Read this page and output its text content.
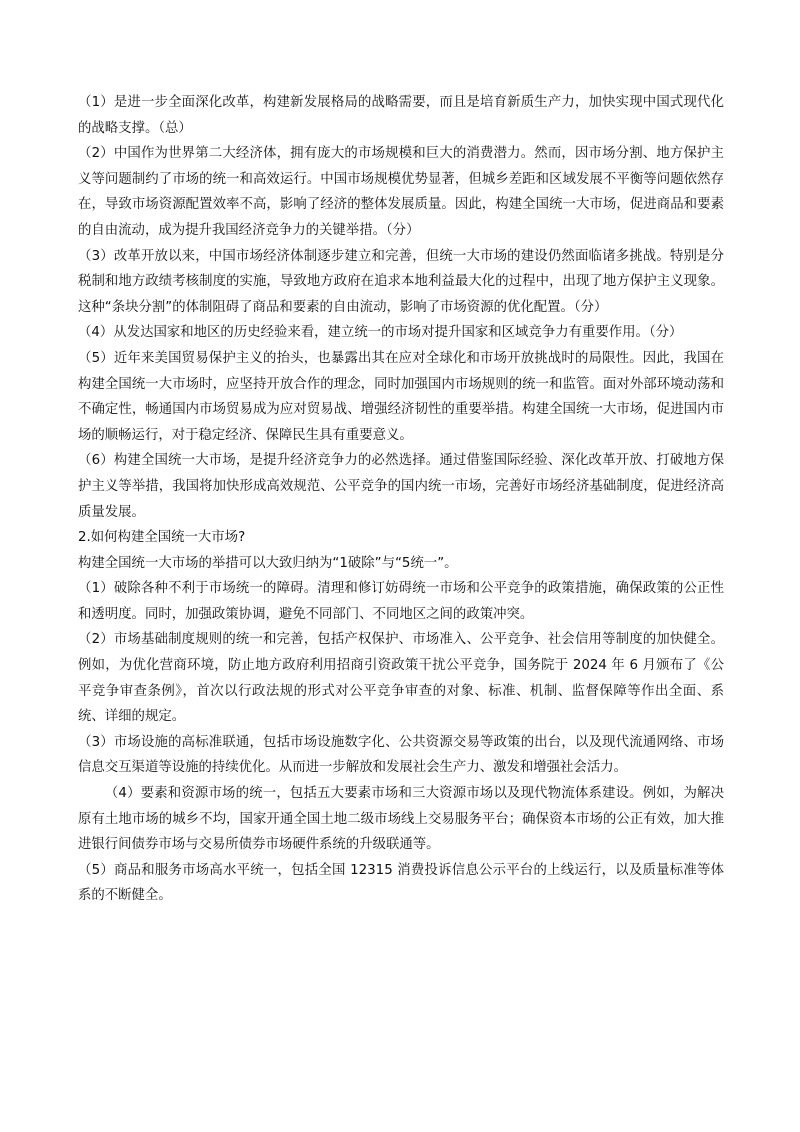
（1）是进一步全面深化改革，构建新发展格局的战略需要，而且是培育新质生产力，加快实现中国式现代化的战略支撑。（总）

（2）中国作为世界第二大经济体，拥有庞大的市场规模和巨大的消费潜力。然而，因市场分割、地方保护主义等问题制约了市场的统一和高效运行。中国市场规模优势显著，但城乡差距和区域发展不平衡等问题依然存在，导致市场资源配置效率不高，影响了经济的整体发展质量。因此，构建全国统一大市场，促进商品和要素的自由流动，成为提升我国经济竞争力的关键举措。（分）

（3）改革开放以来，中国市场经济体制逐步建立和完善，但统一大市场的建设仍然面临诸多挑战。特别是分税制和地方政绩考核制度的实施，导致地方政府在追求本地利益最大化的过程中，出现了地方保护主义现象。这种“条块分割”的体制阻碍了商品和要素的自由流动，影响了市场资源的优化配置。（分）

（4）从发达国家和地区的历史经验来看，建立统一的市场对提升国家和区域竞争力有重要作用。（分）

（5）近年来美国贸易保护主义的抬头，也暴露出其在应对全球化和市场开放挑战时的局限性。因此，我国在构建全国统一大市场时，应坚持开放合作的理念，同时加强国内市场规则的统一和监管。面对外部环境动荡和不确定性，畅通国内市场贸易成为应对贸易战、增强经济韧性的重要举措。构建全国统一大市场，促进国内市场的顺畅运行，对于稳定经济、保障民生具有重要意义。

（6）构建全国统一大市场，是提升经济竞争力的必然选择。通过借鉴国际经验、深化改革开放、打破地方保护主义等举措，我国将加快形成高效规范、公平竞争的国内统一市场，完善好市场经济基础制度，促进经济高质量发展。

2.如何构建全国统一大市场?

构建全国统一大市场的举措可以大致归纳为“1破除”与“5统一”。

（1）破除各种不利于市场统一的障碍。清理和修订妨碍统一市场和公平竞争的政策措施，确保政策的公正性和透明度。同时，加强政策协调，避免不同部门、不同地区之间的政策冲突。

（2）市场基础制度规则的统一和完善，包括产权保护、市场准入、公平竞争、社会信用等制度的加快健全。例如，为优化营商环境，防止地方政府利用招商引资政策干扰公平竞争，国务院于 2024 年 6 月颁布了《公平竞争审查条例》，首次以行政法规的形式对公平竞争审查的对象、标准、机制、监督保障等作出全面、系统、详细的规定。

（3）市场设施的高标准联通，包括市场设施数字化、公共资源交易等政策的出台，以及现代流通网络、市场信息交互渠道等设施的持续优化。从而进一步解放和发展社会生产力、激发和增强社会活力。

（4）要素和资源市场的统一，包括五大要素市场和三大资源市场以及现代物流体系建设。例如，为解决原有土地市场的城乡不均，国家开通全国土地二级市场线上交易服务平台；确保资本市场的公正有效，加大推进银行间债券市场与交易所债券市场硬件系统的升级联通等。

（5）商品和服务市场高水平统一，包括全国 12315 消费投诉信息公示平台的上线运行，以及质量标准等体系的不断健全。
